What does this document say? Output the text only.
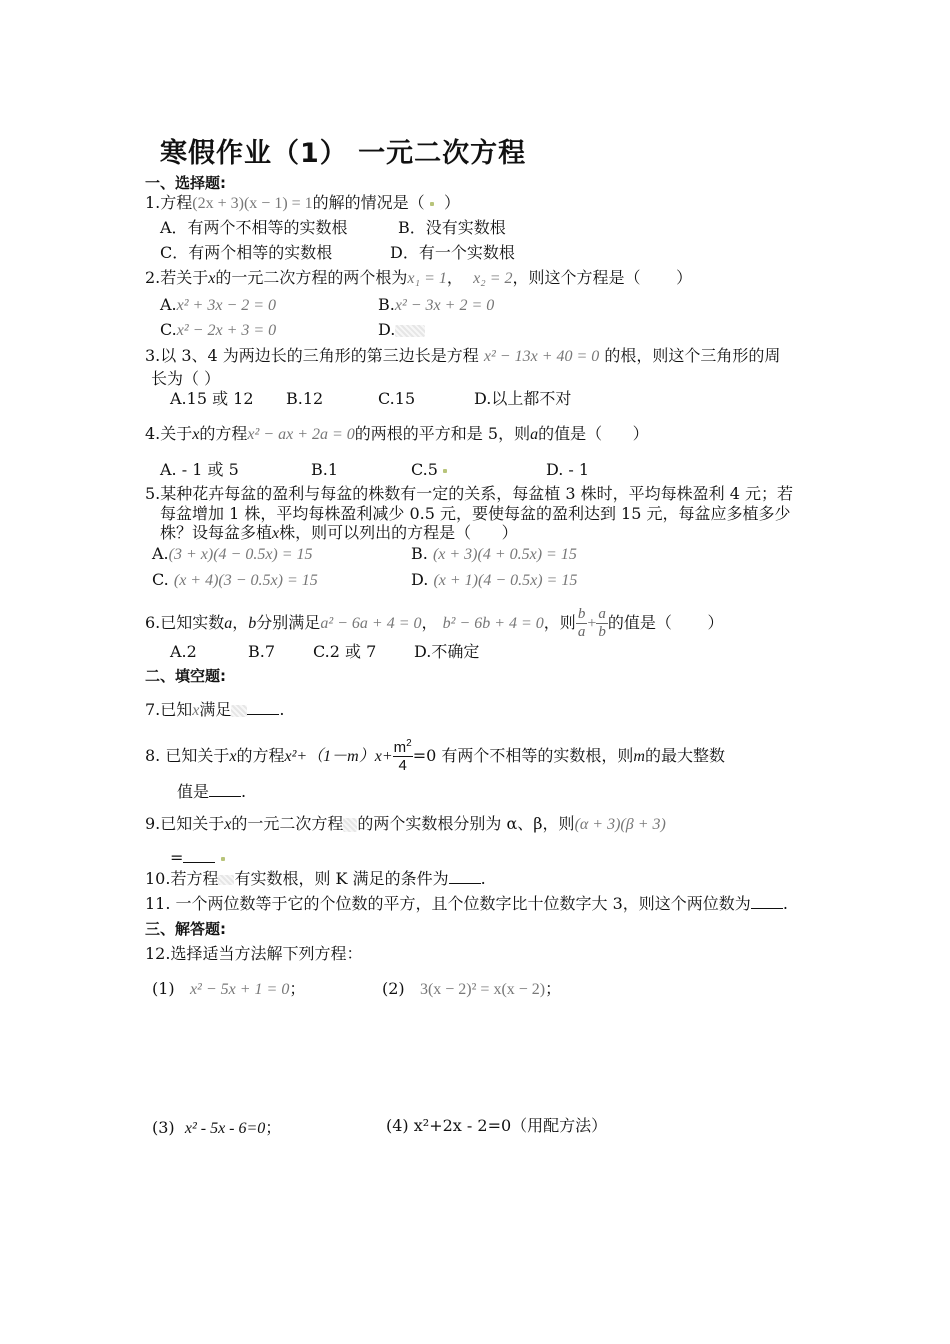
寒假作业（1） 一元二次方程
一、选择题:
1.方程(2x + 3)(x − 1) = 1的解的情况是（ ）
A．有两个不相等的实数根	B．没有实数根
C．有两个相等的实数根	D．有一个实数根
2.若关于x的一元二次方程的两个根为x₁ = 1， x₂ = 2，则这个方程是（ ）
A.x² + 3x − 2 = 0	B.x² − 3x + 2 = 0
C.x² − 2x + 3 = 0	D.
3.以 3、4 为两边长的三角形的第三边长是方程 x² − 13x + 40 = 0 的根，则这个三角形的周
长为（ ）
A.15 或 12 B.12	C.15	D.以上都不对
4.关于x的方程x² − ax + 2a = 0的两根的平方和是 5，则a的值是（ ）
A. ‑ 1 或 5	B.1	C.5	D. ‑ 1
5.某种花卉每盆的盈利与每盆的株数有一定的关系，每盆植 3 株时，平均每株盈利 4 元；若
每盆增加 1 株，平均每株盈利减少 0.5 元，要使每盆的盈利达到 15 元，每盆应多植多少
株？设每盆多植x株，则可以列出的方程是（ ）
A.(3 + x)(4 − 0.5x) = 15	B. (x + 3)(4 + 0.5x) = 15
C. (x + 4)(3 − 0.5x) = 15	D. (x + 1)(4 − 0.5x) = 15
6.已知实数a，b分别满足a² − 6a + 4 = 0， b² − 6b + 4 = 0，则 $\frac{b}{a} + \frac{a}{b}$ 的值是（ ）
A.2	B.7 C.2 或 7 D.不确定
二、填空题:
7.已知x满足	.
8. 已知关于x的方程$x^2+(1-m)x+ \frac{m^2}{4} =0$ 有两个不相等的实数根，则m的最大整数
值是 .
9.已知关于x的一元二次方程 的两个实数根分别为 α、β，则(α + 3)(β + 3)
=
10.若方程 有实数根，则 K 满足的条件为 .
11. 一个两位数等于它的个位数的平方，且个位数字比十位数字大 3，则这个两位数为 .
三、解答题:
12.选择适当方法解下列方程：
(1) x² − 5x + 1 = 0；	(2) 3(x − 2)² = x(x − 2)；
(3) x² ‑ 5x ‑ 6=0；	(4) x²+2x ‑ 2=0（用配方法）
